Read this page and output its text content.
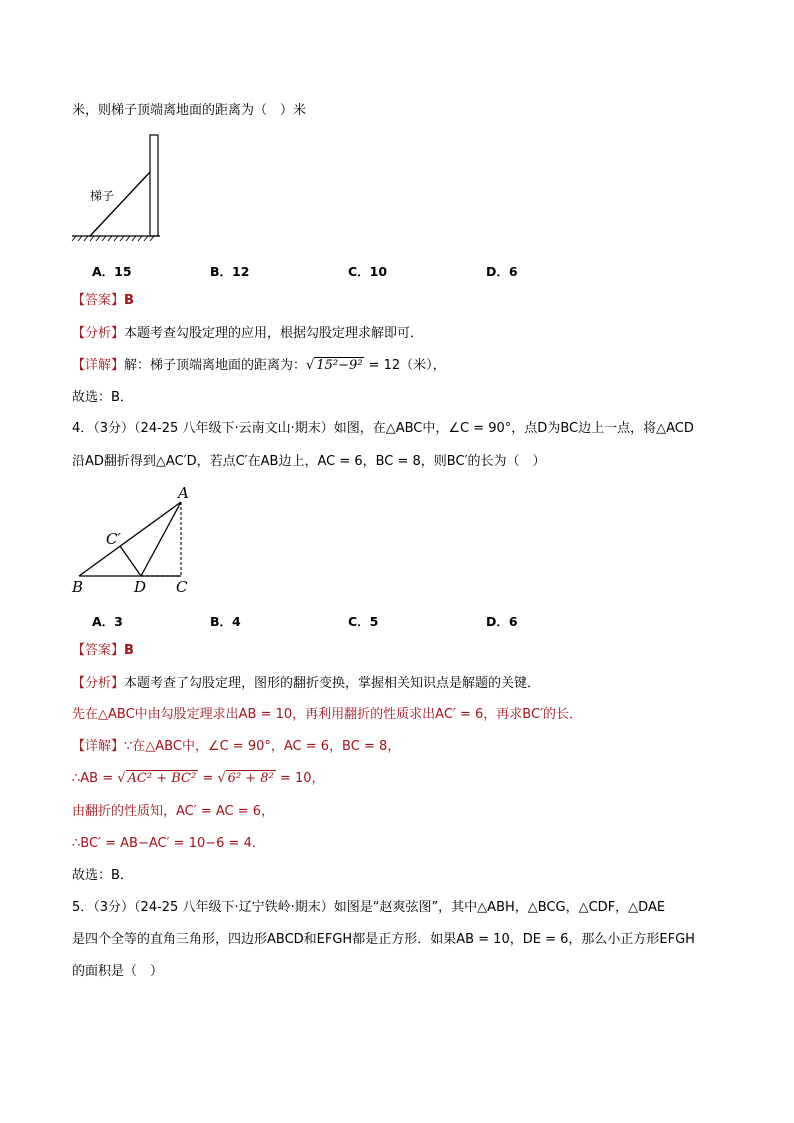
米，则梯子顶端离地面的距离为（　）米
梯子
A．15	B．12	C．10	D．6
【答案】B
【分析】本题考查勾股定理的应用，根据勾股定理求解即可．
【详解】解：梯子顶端离地面的距离为：√ 15²−9² = 12（米），
故选：B．
4．（3分）（24-25 八年级下·云南文山·期末）如图，在△ABC中，∠C = 90°，点D为BC边上一点，将△ACD
沿AD翻折得到△AC′D，若点C′在AB边上，AC = 6，BC = 8，则BC′的长为（　）
A
B	D C
C′
A．3	B．4	C．5	D．6
【答案】B
【分析】本题考查了勾股定理，图形的翻折变换，掌握相关知识点是解题的关键．
先在△ABC中由勾股定理求出AB = 10，再利用翻折的性质求出AC′ = 6，再求BC′的长．
【详解】∵在△ABC中，∠C = 90°，AC = 6，BC = 8，
∴AB = √ AC² + BC² = √ 6² + 8² = 10，
由翻折的性质知，AC′ = AC = 6，
∴BC′ = AB−AC′ = 10−6 = 4．
故选：B．
5．（3分）（24-25 八年级下·辽宁铁岭·期末）如图是“赵爽弦图”，其中△ABH，△BCG，△CDF，△DAE
是四个全等的直角三角形，四边形ABCD和EFGH都是正方形．如果AB = 10，DE = 6，那么小正方形EFGH
的面积是（　）
